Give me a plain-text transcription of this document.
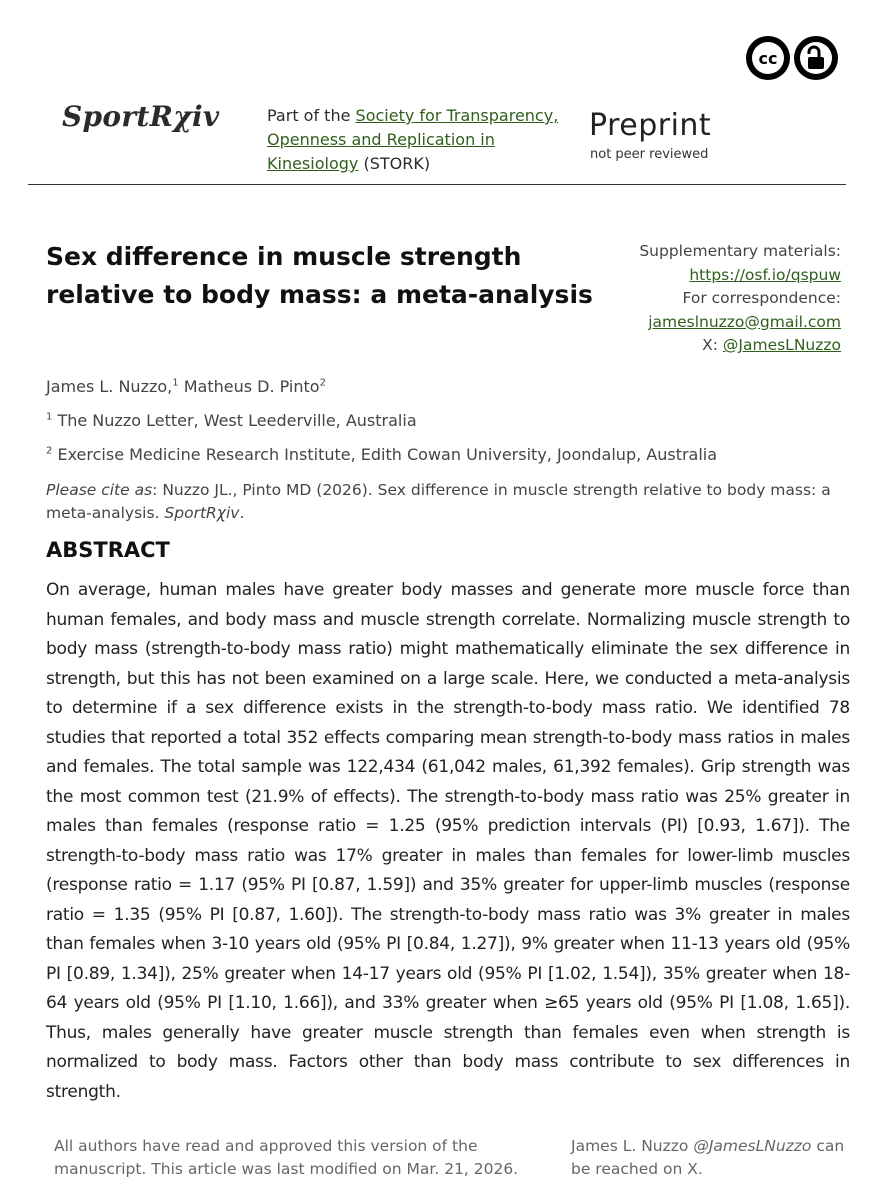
cc
SportRχiv	Part of the Society for Transparency, Openness and Replication in Kinesiology (STORK)
Preprint
not peer reviewed
Sex difference in muscle strength relative to body mass: a meta-analysis
Supplementary materials:
https://osf.io/qspuw
For correspondence:
jameslnuzzo@gmail.com
X: @JamesLNuzzo
James L. Nuzzo,$^1$ Matheus D. Pinto$^2$
$^1$ The Nuzzo Letter, West Leederville, Australia
$^2$ Exercise Medicine Research Institute, Edith Cowan University, Joondalup, Australia
Please cite as: Nuzzo JL., Pinto MD (2026). Sex difference in muscle strength relative to body mass: a meta-analysis. SportRχiv.
ABSTRACT
On average, human males have greater body masses and generate more muscle force than human females, and body mass and muscle strength correlate. Normalizing muscle strength to body mass (strength-to-body mass ratio) might mathematically eliminate the sex difference in strength, but this has not been examined on a large scale. Here, we conducted a meta-analysis to determine if a sex difference exists in the strength-to-body mass ratio. We identified 78 studies that reported a total 352 effects comparing mean strength-to-body mass ratios in males and females. The total sample was 122,434 (61,042 males, 61,392 females). Grip strength was the most common test (21.9% of effects). The strength-to-body mass ratio was 25% greater in males than females (response ratio = 1.25 (95% prediction intervals (PI) [0.93, 1.67]). The strength-to-body mass ratio was 17% greater in males than females for lower-limb muscles (response ratio = 1.17 (95% PI [0.87, 1.59]) and 35% greater for upper-limb muscles (response ratio = 1.35 (95% PI [0.87, 1.60]). The strength-to-body mass ratio was 3% greater in males than females when 3-10 years old (95% PI [0.84, 1.27]), 9% greater when 11-13 years old (95% PI [0.89, 1.34]), 25% greater when 14-17 years old (95% PI [1.02, 1.54]), 35% greater when 18-64 years old (95% PI [1.10, 1.66]), and 33% greater when ≥65 years old (95% PI [1.08, 1.65]). Thus, males generally have greater muscle strength than females even when strength is normalized to body mass. Factors other than body mass contribute to sex differences in strength.
All authors have read and approved this version of the manuscript. This article was last modified on Mar. 21, 2026.
James L. Nuzzo @JamesLNuzzo can be reached on X.
